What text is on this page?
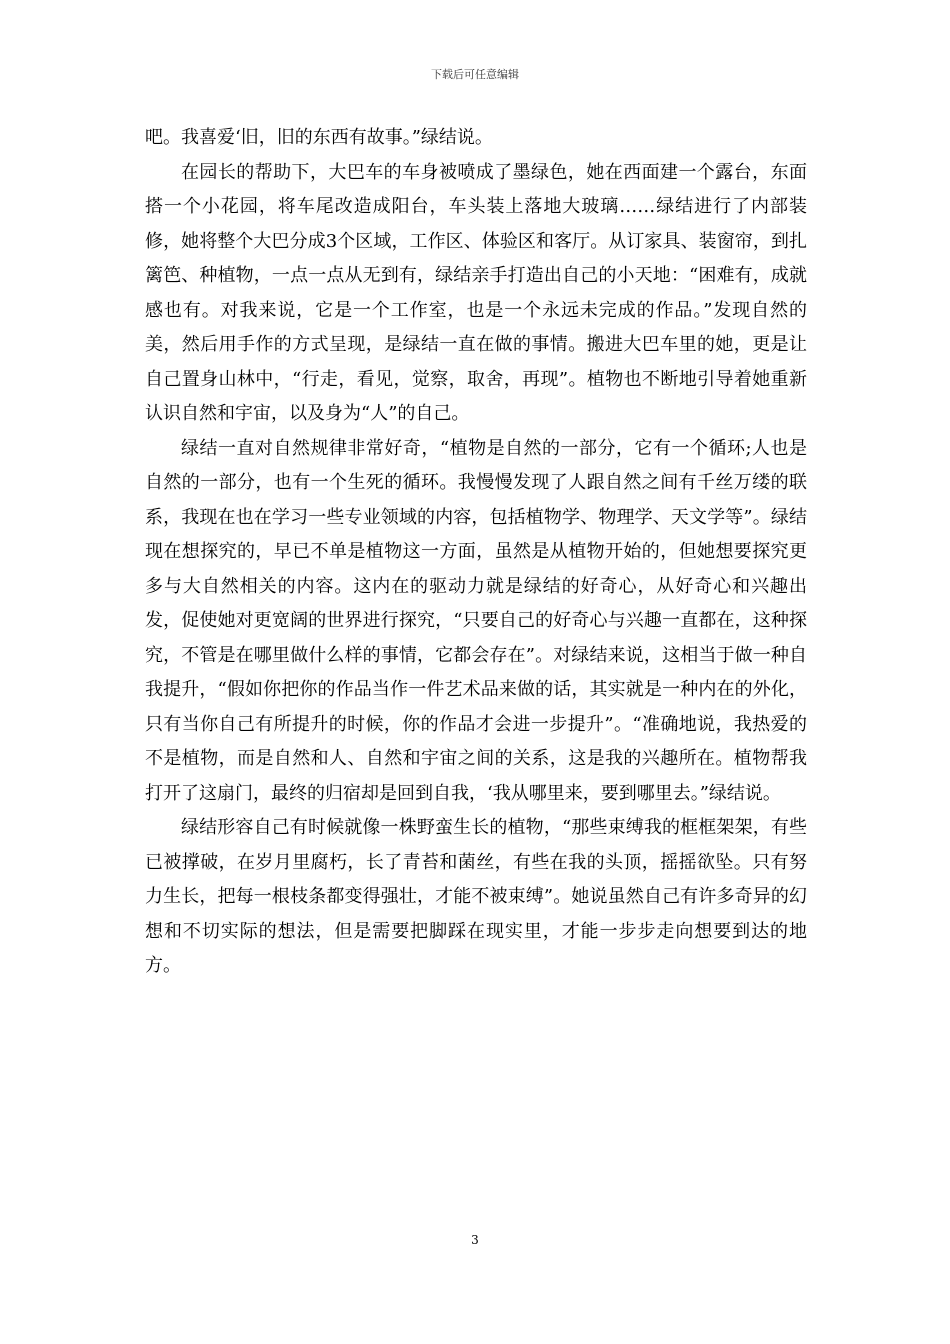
下载后可任意编辑

吧。我喜爱‘旧，旧的东西有故事。”绿结说。

在园长的帮助下，大巴车的车身被喷成了墨绿色，她在西面建一个露台，东面搭一个小花园，将车尾改造成阳台，车头装上落地大玻璃……绿结进行了内部装修，她将整个大巴分成3个区域，工作区、体验区和客厅。从订家具、装窗帘，到扎篱笆、种植物，一点一点从无到有，绿结亲手打造出自己的小天地：“困难有，成就感也有。对我来说，它是一个工作室，也是一个永远未完成的作品。”发现自然的美，然后用手作的方式呈现，是绿结一直在做的事情。搬进大巴车里的她，更是让自己置身山林中，“行走，看见，觉察，取舍，再现”。植物也不断地引导着她重新认识自然和宇宙，以及身为“人”的自己。

绿结一直对自然规律非常好奇，“植物是自然的一部分，它有一个循环;人也是自然的一部分，也有一个生死的循环。我慢慢发现了人跟自然之间有千丝万缕的联系，我现在也在学习一些专业领域的内容，包括植物学、物理学、天文学等”。绿结现在想探究的，早已不单是植物这一方面，虽然是从植物开始的，但她想要探究更多与大自然相关的内容。这内在的驱动力就是绿结的好奇心，从好奇心和兴趣出发，促使她对更宽阔的世界进行探究，“只要自己的好奇心与兴趣一直都在，这种探究，不管是在哪里做什么样的事情，它都会存在”。对绿结来说，这相当于做一种自我提升，“假如你把你的作品当作一件艺术品来做的话，其实就是一种内在的外化，只有当你自己有所提升的时候，你的作品才会进一步提升”。“准确地说，我热爱的不是植物，而是自然和人、自然和宇宙之间的关系，这是我的兴趣所在。植物帮我打开了这扇门，最终的归宿却是回到自我，‘我从哪里来，要到哪里去。”绿结说。

绿结形容自己有时候就像一株野蛮生长的植物，“那些束缚我的框框架架，有些已被撑破，在岁月里腐朽，长了青苔和菌丝，有些在我的头顶，摇摇欲坠。只有努力生长，把每一根枝条都变得强壮，才能不被束缚”。她说虽然自己有许多奇异的幻想和不切实际的想法，但是需要把脚踩在现实里，才能一步步走向想要到达的地方。

3
